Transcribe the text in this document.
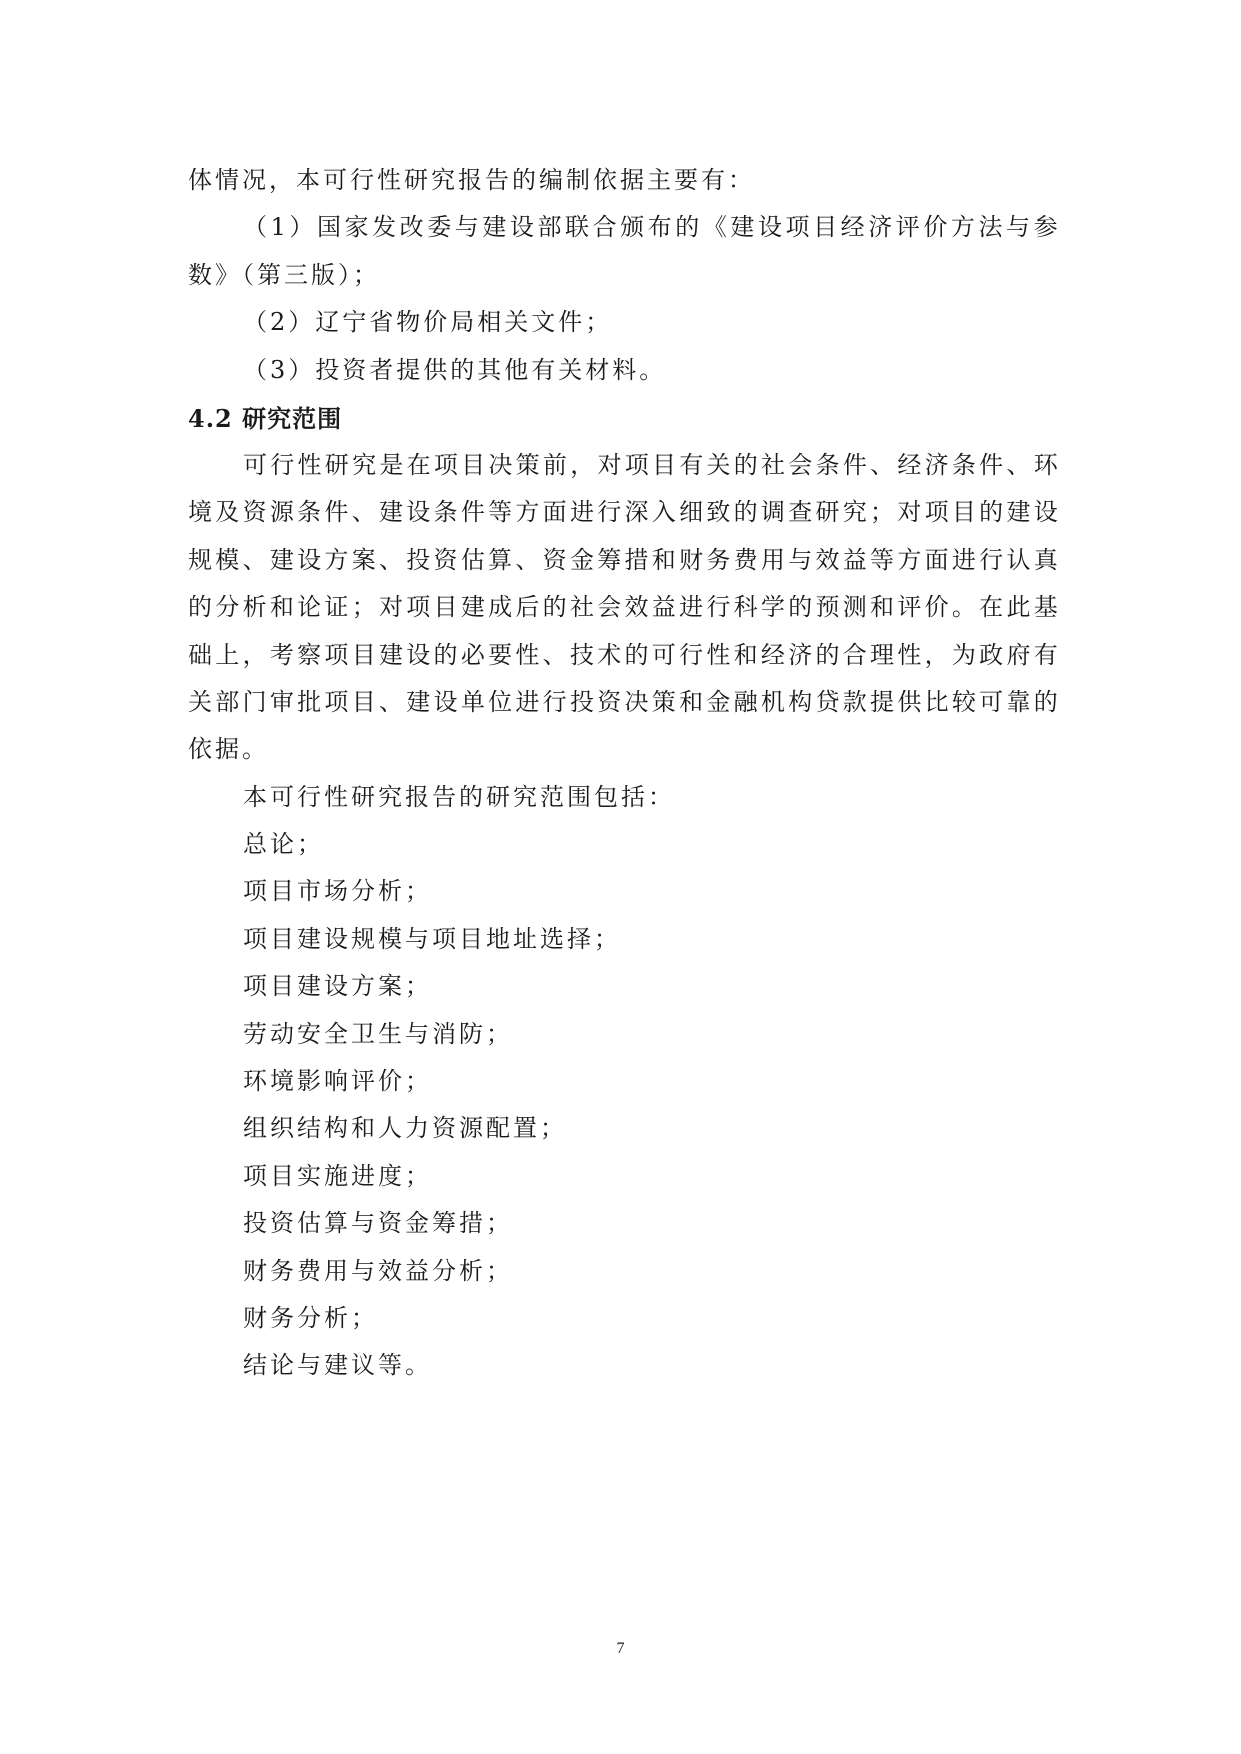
体情况，本可行性研究报告的编制依据主要有：
（ 1 ） 国 家 发 改 委 与 建 设 部 联 合 颁 布 的 《 建 设 项 目 经 济 评 价 方 法 与 参
数》（第三版）；
（2）辽宁省物价局相关文件；
（3）投资者提供的其他有关材料。
4.2 研究范围
可 行 性 研 究 是 在 项 目 决 策 前 ， 对 项 目 有 关 的 社 会 条 件 、 经 济 条 件 、 环
境 及 资 源 条 件 、 建 设 条 件 等 方 面 进 行 深 入 细 致 的 调 查 研 究 ； 对 项 目 的 建 设
规 模 、 建 设 方 案 、 投 资 估 算 、 资 金 筹 措 和 财 务 费 用 与 效 益 等 方 面 进 行 认 真
的 分 析 和 论 证 ； 对 项 目 建 成 后 的 社 会 效 益 进 行 科 学 的 预 测 和 评 价 。 在 此 基
础 上 ， 考 察 项 目 建 设 的 必 要 性 、 技 术 的 可 行 性 和 经 济 的 合 理 性 ， 为 政 府 有
关 部 门 审 批 项 目 、 建 设 单 位 进 行 投 资 决 策 和 金 融 机 构 贷 款 提 供 比 较 可 靠 的
依据。
本可行性研究报告的研究范围包括：
总论；
项目市场分析；
项目建设规模与项目地址选择；
项目建设方案；
劳动安全卫生与消防；
环境影响评价；
组织结构和人力资源配置；
项目实施进度；
投资估算与资金筹措；
财务费用与效益分析；
财务分析；
结论与建议等。
7
